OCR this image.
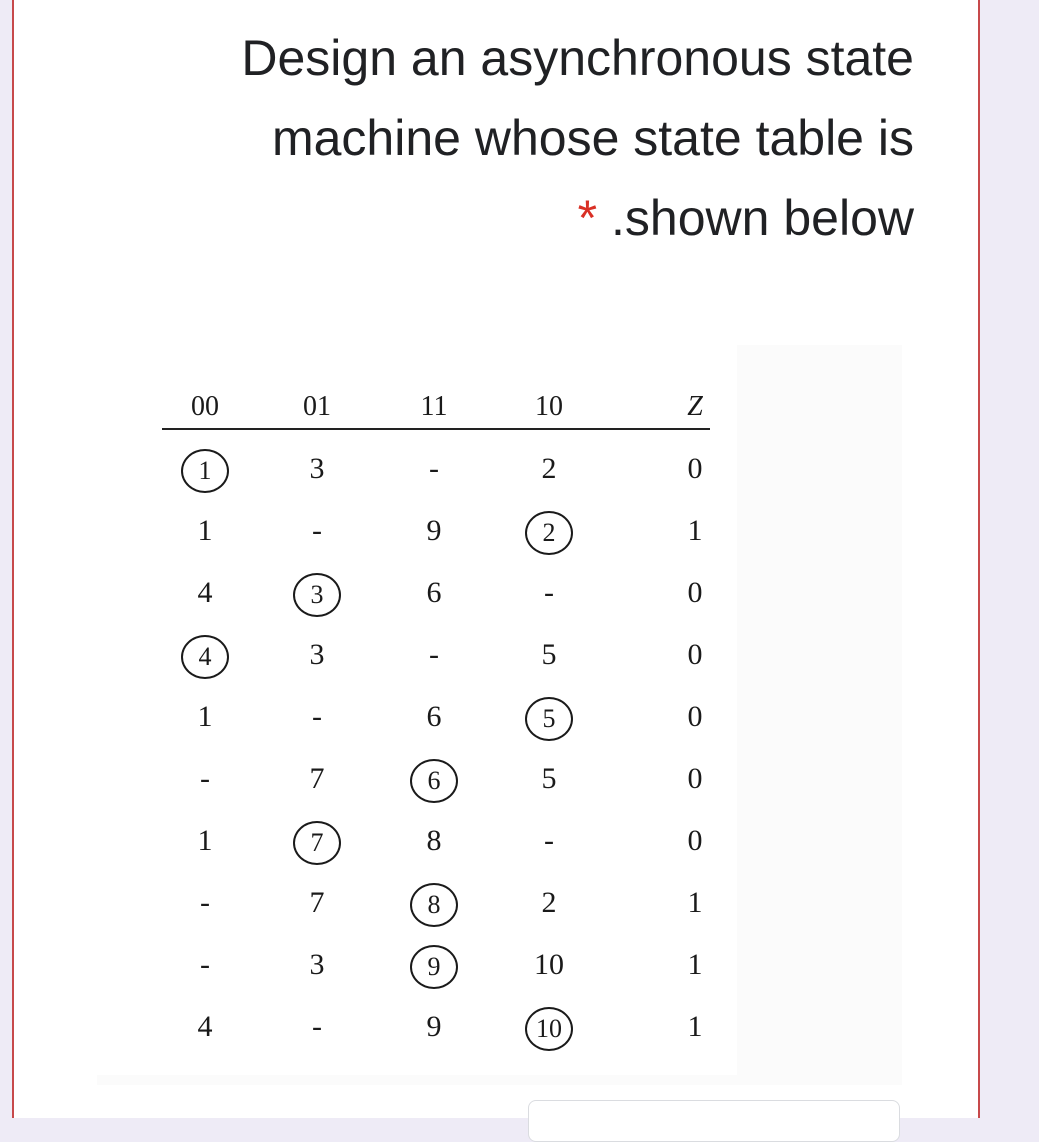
Design an asynchronous state
machine whose state table is
* .shown below
00	01	11	10	Z
1	3	-	2	0
1	-	9	2	1
4	3	6	-	0
4	3	-	5	0
1	-	6	5	0
-	7	6	5	0
1	7	8	-	0
-	7	8	2	1
-	3	9	10	1
4	-	9	10	1
